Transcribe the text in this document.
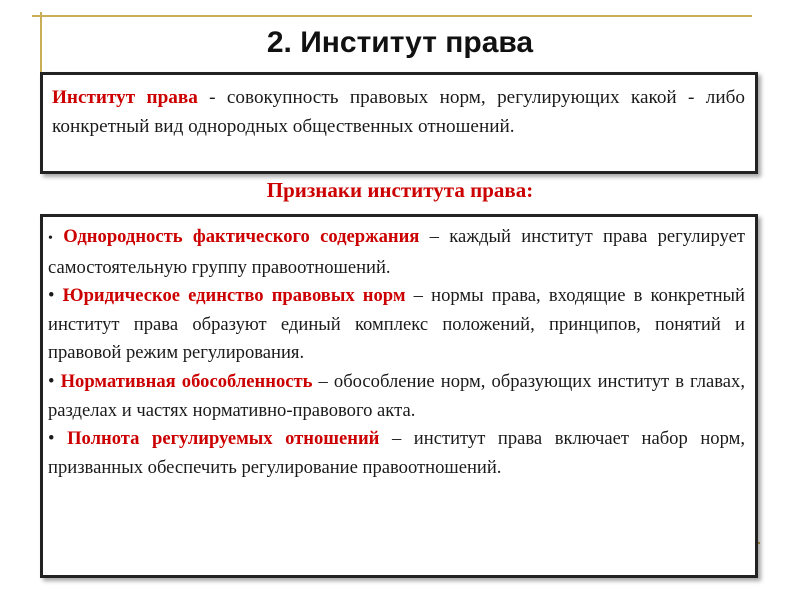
2. Институт права
Институт права - совокупность правовых норм, регулирующих какой - либо конкретный вид однородных общественных отношений.
Признаки института права:

• Однородность фактического содержания – каждый институт права регулирует самостоятельную группу правоотношений.

• Юридическое единство правовых норм – нормы права, входящие в конкретный институт права образуют единый комплекс положений, принципов, понятий и правовой режим регулирования.

• Нормативная обособленность – обособление норм, образующих институт в главах, разделах и частях нормативно-правового акта.

• Полнота регулируемых отношений – институт права включает набор норм, призванных обеспечить регулирование правоотношений.
